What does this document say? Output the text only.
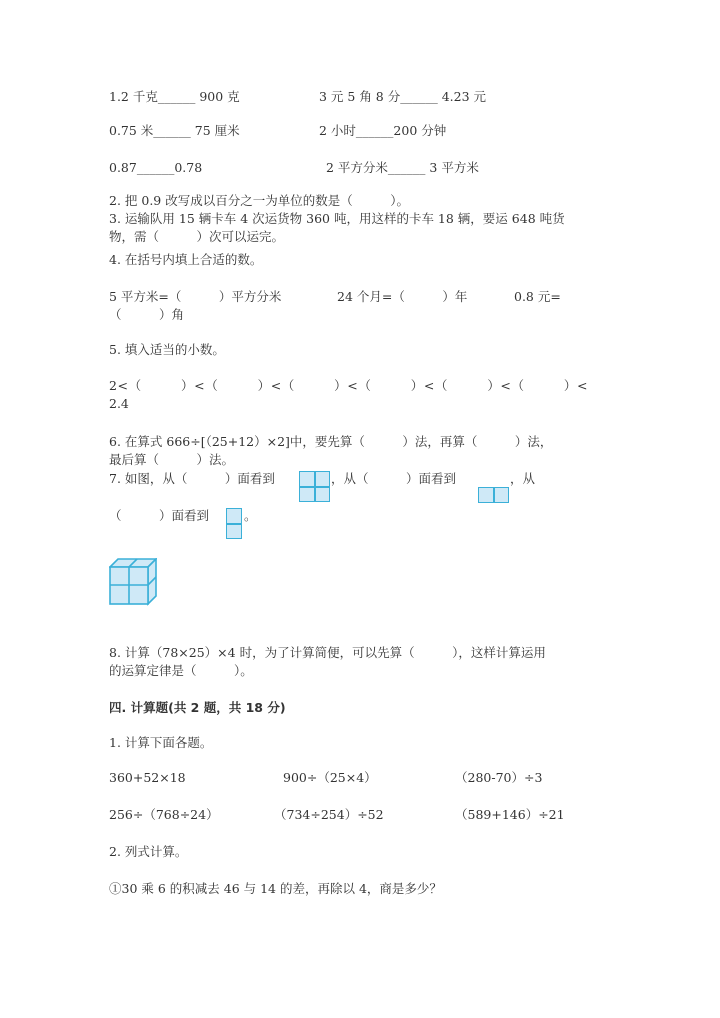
1.2 千克______ 900 克	3 元 5 角 8 分______ 4.23 元
0.75 米______ 75 厘米	2 小时______200 分钟
0.87______0.78	2 平方分米______ 3 平方米
2. 把 0.9 改写成以百分之一为单位的数是（　　　）。
3. 运输队用 15 辆卡车 4 次运货物 360 吨，用这样的卡车 18 辆，要运 648 吨货
物，需（　　　）次可以运完。
4. 在括号内填上合适的数。
5 平方米=（　　　）平方分米	24 个月=（　　　）年	0.8 元=
（　　　）角
5. 填入适当的小数。
2<（　　　）<（　　　）<（　　　）<（　　　）<（　　　）<（　　　）<
2.4
6. 在算式 666÷[（25+12）×2]中，要先算（　　　）法，再算（　　　）法，
最后算（　　　）法。
7. 如图，从（　　　）面看到	，从（　　　）面看到	，从
（　　　）面看到	。
8. 计算（78×25）×4 时，为了计算简便，可以先算（　　　），这样计算运用
的运算定律是（　　　）。
四. 计算题(共 2 题，共 18 分)
1. 计算下面各题。
360+52×18	900÷（25×4）	（280-70）÷3
256÷（768÷24）	（734÷254）÷52	（589+146）÷21
2. 列式计算。
①30 乘 6 的积减去 46 与 14 的差，再除以 4，商是多少？
